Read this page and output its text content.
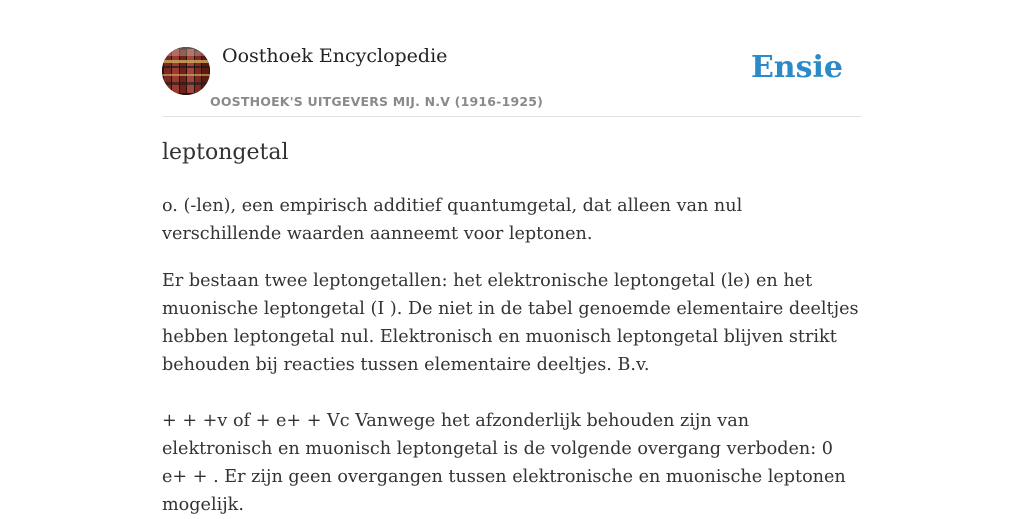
Oosthoek Encyclopedie
OOSTHOEK'S UITGEVERS MIJ. N.V (1916-1925)
Ensie
leptongetal

o. (-len), een empirisch additief quantumgetal, dat alleen van nul verschillende waarden aanneemt voor leptonen.

Er bestaan twee leptongetallen: het elektronische leptongetal (le) en het muonische leptongetal (I ). De niet in de tabel genoemde elementaire deeltjes hebben leptongetal nul. Elektronisch en muonisch leptongetal blijven strikt behouden bij reacties tussen elementaire deeltjes. B.v.

+ + +v of + e+ + Vc Vanwege het afzonderlijk behouden zijn van elektronisch en muonisch leptongetal is de volgende overgang verboden: 0 e+ + . Er zijn geen overgangen tussen elektronische en muonische leptonen mogelijk.
